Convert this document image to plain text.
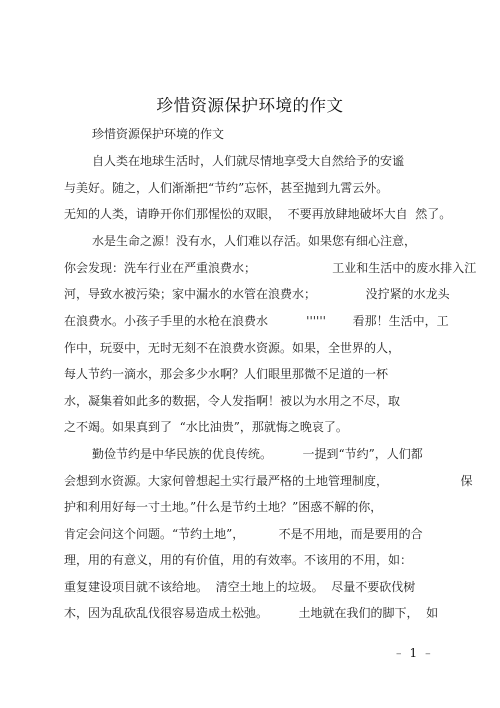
珍惜资源保护环境的作文
珍惜资源保护环境的作文
自人类在地球生活时，人们就尽情地享受大自然给予的安谧
与美好。随之，人们渐渐把“节约”忘怀，甚至抛到九霄云外。
无知的人类，请睁开你们那惺忪的双眼，  不要再放肆地破坏大自  然了。
水是生命之源！没有水，人们难以存活。如果您有细心注意，
你会发现：洗车行业在严重浪费水；                    工业和生活中的废水排入江
河，导致水被污染；家中漏水的水管在浪费水；             没拧紧的水龙头
在浪费水。小孩子手里的水枪在浪费水          ''''''       看那！生活中，工
作中，玩耍中，无时无刻不在浪费水资源。如果，全世界的人，
每人节约一滴水，那会多少水啊？人们眼里那微不足道的一杯
水，凝集着如此多的数据，令人发指啊！被以为水用之不尽，取
之不竭。如果真到了  “水比油贵”，那就悔之晚哀了。
勤俭节约是中华民族的优良传统。        一提到“节约”，人们都
会想到水资源。大家何曾想起土实行最严格的土地管理制度，                   保
护和利用好每一寸土地。”什么是节约土地？”困惑不解的你，
肯定会问这个问题。“节约土地”，         不是不用地，而是要用的合
理，用的有意义，用的有价值，用的有效率。不该用的不用，如：
重复建设项目就不该给地。  清空土地上的垃圾。  尽量不要砍伐树
木，因为乱砍乱伐很容易造成土松弛。        土地就在我们的脚下，  如
– 1 –
